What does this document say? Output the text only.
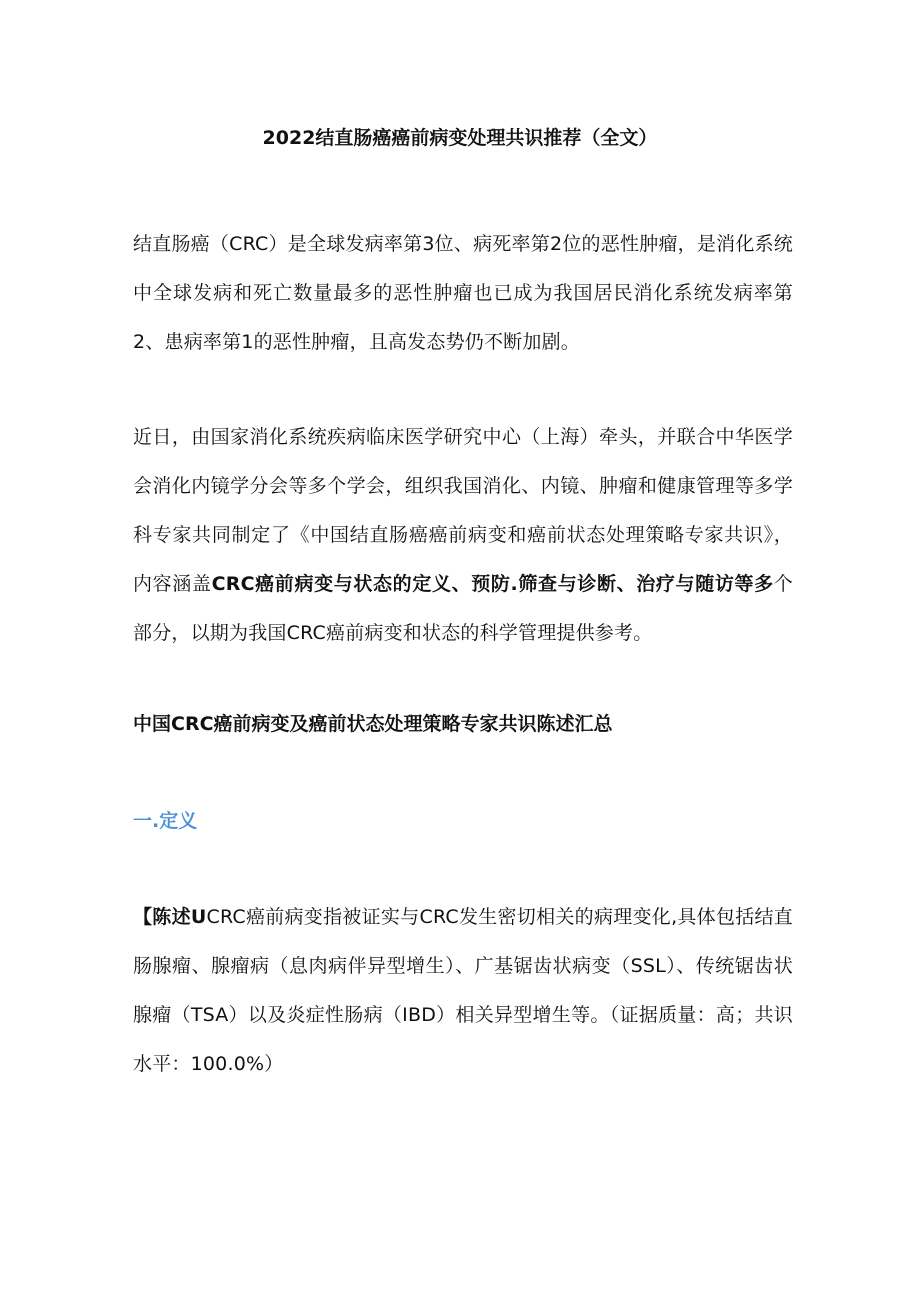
2022结直肠癌癌前病变处理共识推荐（全文）

结直肠癌（CRC）是全球发病率第3位、病死率第2位的恶性肿瘤，是消化系统中全球发病和死亡数量最多的恶性肿瘤也已成为我国居民消化系统发病率第2、患病率第1的恶性肿瘤，且高发态势仍不断加剧。

近日，由国家消化系统疾病临床医学研究中心（上海）牵头，并联合中华医学会消化内镜学分会等多个学会，组织我国消化、内镜、肿瘤和健康管理等多学科专家共同制定了《中国结直肠癌癌前病变和癌前状态处理策略专家共识》，内容涵盖CRC癌前病变与状态的定义、预防.筛查与诊断、治疗与随访等多个部分，以期为我国CRC癌前病变和状态的科学管理提供参考。

中国CRC癌前病变及癌前状态处理策略专家共识陈述汇总
一.定义

【陈述UCRC癌前病变指被证实与CRC发生密切相关的病理变化,具体包括结直肠腺瘤、腺瘤病（息肉病伴异型增生）、广基锯齿状病变（SSL）、传统锯齿状腺瘤（TSA）以及炎症性肠病（IBD）相关异型增生等。（证据质量：高；共识水平：100.0%）
